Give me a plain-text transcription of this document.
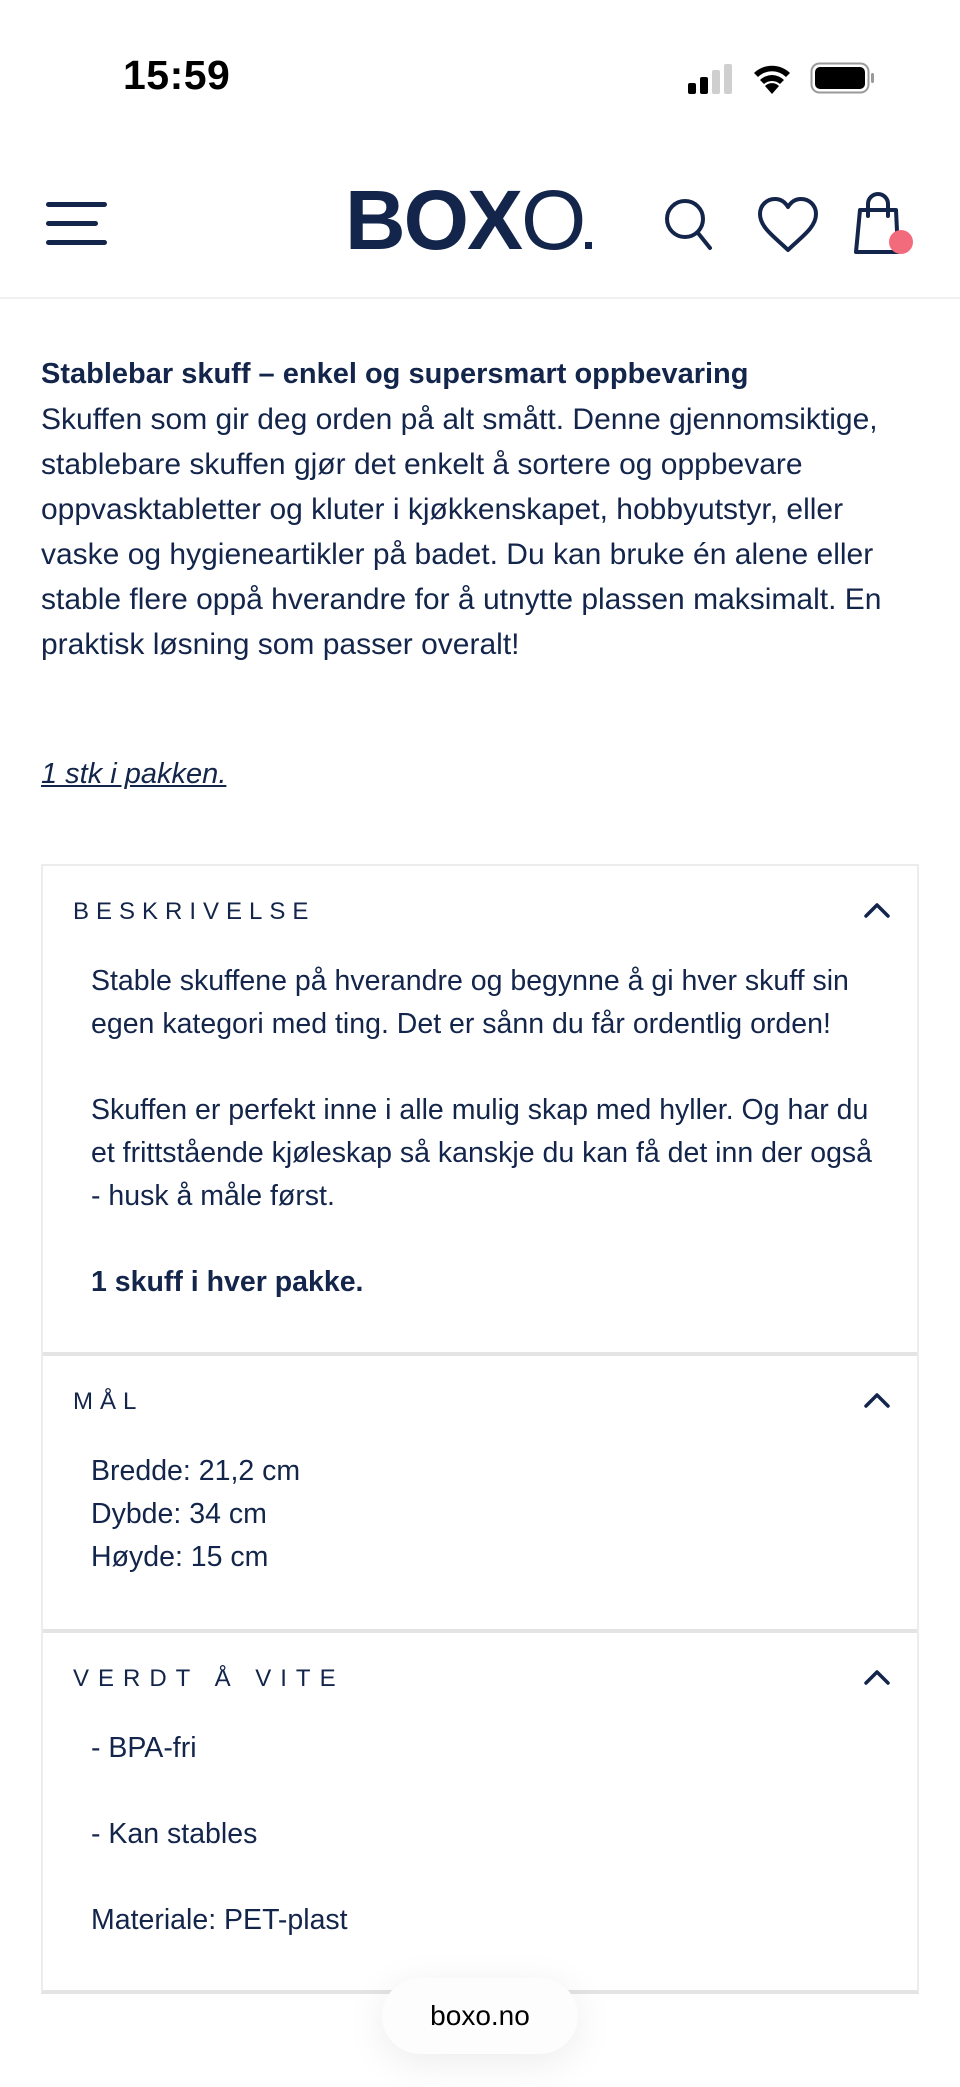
15:59
BOXO
Stablebar skuff – enkel og supersmart oppbevaring
Skuffen som gir deg orden på alt smått. Denne gjennomsiktige, stablebare skuffen gjør det enkelt å sortere og oppbevare oppvasktabletter og kluter i kjøkkenskapet, hobbyutstyr, eller vaske og hygieneartikler på badet. Du kan bruke én alene eller stable flere oppå hverandre for å utnytte plassen maksimalt. En praktisk løsning som passer overalt!
1 stk i pakken.
BESKRIVELSE

Stable skuffene på hverandre og begynne å gi hver skuff sin egen kategori med ting. Det er sånn du får ordentlig orden!

Skuffen er perfekt inne i alle mulig skap med hyller. Og har du et frittstående kjøleskap så kanskje du kan få det inn der også - husk å måle først.

1 skuff i hver pakke.

MÅL

Bredde: 21,2 cm

Dybde: 34 cm

Høyde: 15 cm

VERDT Å VITE

- BPA-fri

- Kan stables

Materiale: PET-plast

boxo.no
